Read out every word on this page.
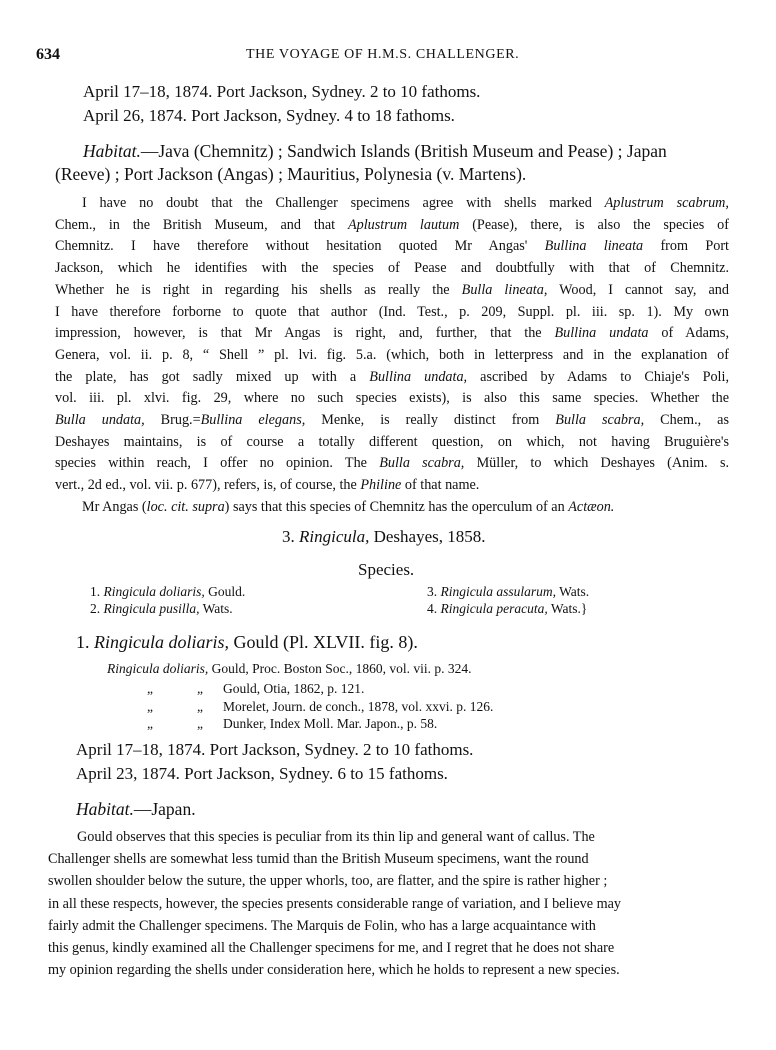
634	THE VOYAGE OF H.M.S. CHALLENGER.
April 17–18, 1874. Port Jackson, Sydney. 2 to 10 fathoms.
April 26, 1874. Port Jackson, Sydney. 4 to 18 fathoms.
Habitat.—Java (Chemnitz) ; Sandwich Islands (British Museum and Pease) ; Japan
(Reeve) ; Port Jackson (Angas) ; Mauritius, Polynesia (v. Martens).

I have no doubt that the Challenger specimens agree with shells marked Aplustrum scabrum,

Chem., in the British Museum, and that Aplustrum lautum (Pease), there, is also the species of

Chemnitz. I have therefore without hesitation quoted Mr Angas' Bullina lineata from Port

Jackson, which he identifies with the species of Pease and doubtfully with that of Chemnitz.

Whether he is right in regarding his shells as really the Bulla lineata, Wood, I cannot say, and

I have therefore forborne to quote that author (Ind. Test., p. 209, Suppl. pl. iii. sp. 1). My own

impression, however, is that Mr Angas is right, and, further, that the Bullina undata of Adams,

Genera, vol. ii. p. 8, “ Shell ” pl. lvi. fig. 5.a. (which, both in letterpress and in the explanation of

the plate, has got sadly mixed up with a Bullina undata, ascribed by Adams to Chiaje's Poli,

vol. iii. pl. xlvi. fig. 29, where no such species exists), is also this same species. Whether the

Bulla undata, Brug.=Bullina elegans, Menke, is really distinct from Bulla scabra, Chem., as

Deshayes maintains, is of course a totally different question, on which, not having Bruguière's

species within reach, I offer no opinion. The Bulla scabra, Müller, to which Deshayes (Anim. s.

vert., 2d ed., vol. vii. p. 677), refers, is, of course, the Philine of that name.

Mr Angas (loc. cit. supra) says that this species of Chemnitz has the operculum of an Actæon.

3. Ringicula, Deshayes, 1858.
Species.
1. Ringicula doliaris, Gould.
2. Ringicula pusilla, Wats.
3. Ringicula assularum, Wats.
4. Ringicula peracuta, Wats.}
1. Ringicula doliaris, Gould (Pl. XLVII. fig. 8).
Ringicula doliaris, Gould, Proc. Boston Soc., 1860, vol. vii. p. 324.
„	„ Gould, Otia, 1862, p. 121.
„	„ Morelet, Journ. de conch., 1878, vol. xxvi. p. 126.
„	„ Dunker, Index Moll. Mar. Japon., p. 58.
April 17–18, 1874. Port Jackson, Sydney. 2 to 10 fathoms.
April 23, 1874. Port Jackson, Sydney. 6 to 15 fathoms.
Habitat.—Japan.

Gould observes that this species is peculiar from its thin lip and general want of callus. The

Challenger shells are somewhat less tumid than the British Museum specimens, want the round

swollen shoulder below the suture, the upper whorls, too, are flatter, and the spire is rather higher ;

in all these respects, however, the species presents considerable range of variation, and I believe may

fairly admit the Challenger specimens. The Marquis de Folin, who has a large acquaintance with

this genus, kindly examined all the Challenger specimens for me, and I regret that he does not share

my opinion regarding the shells under consideration here, which he holds to represent a new species.
